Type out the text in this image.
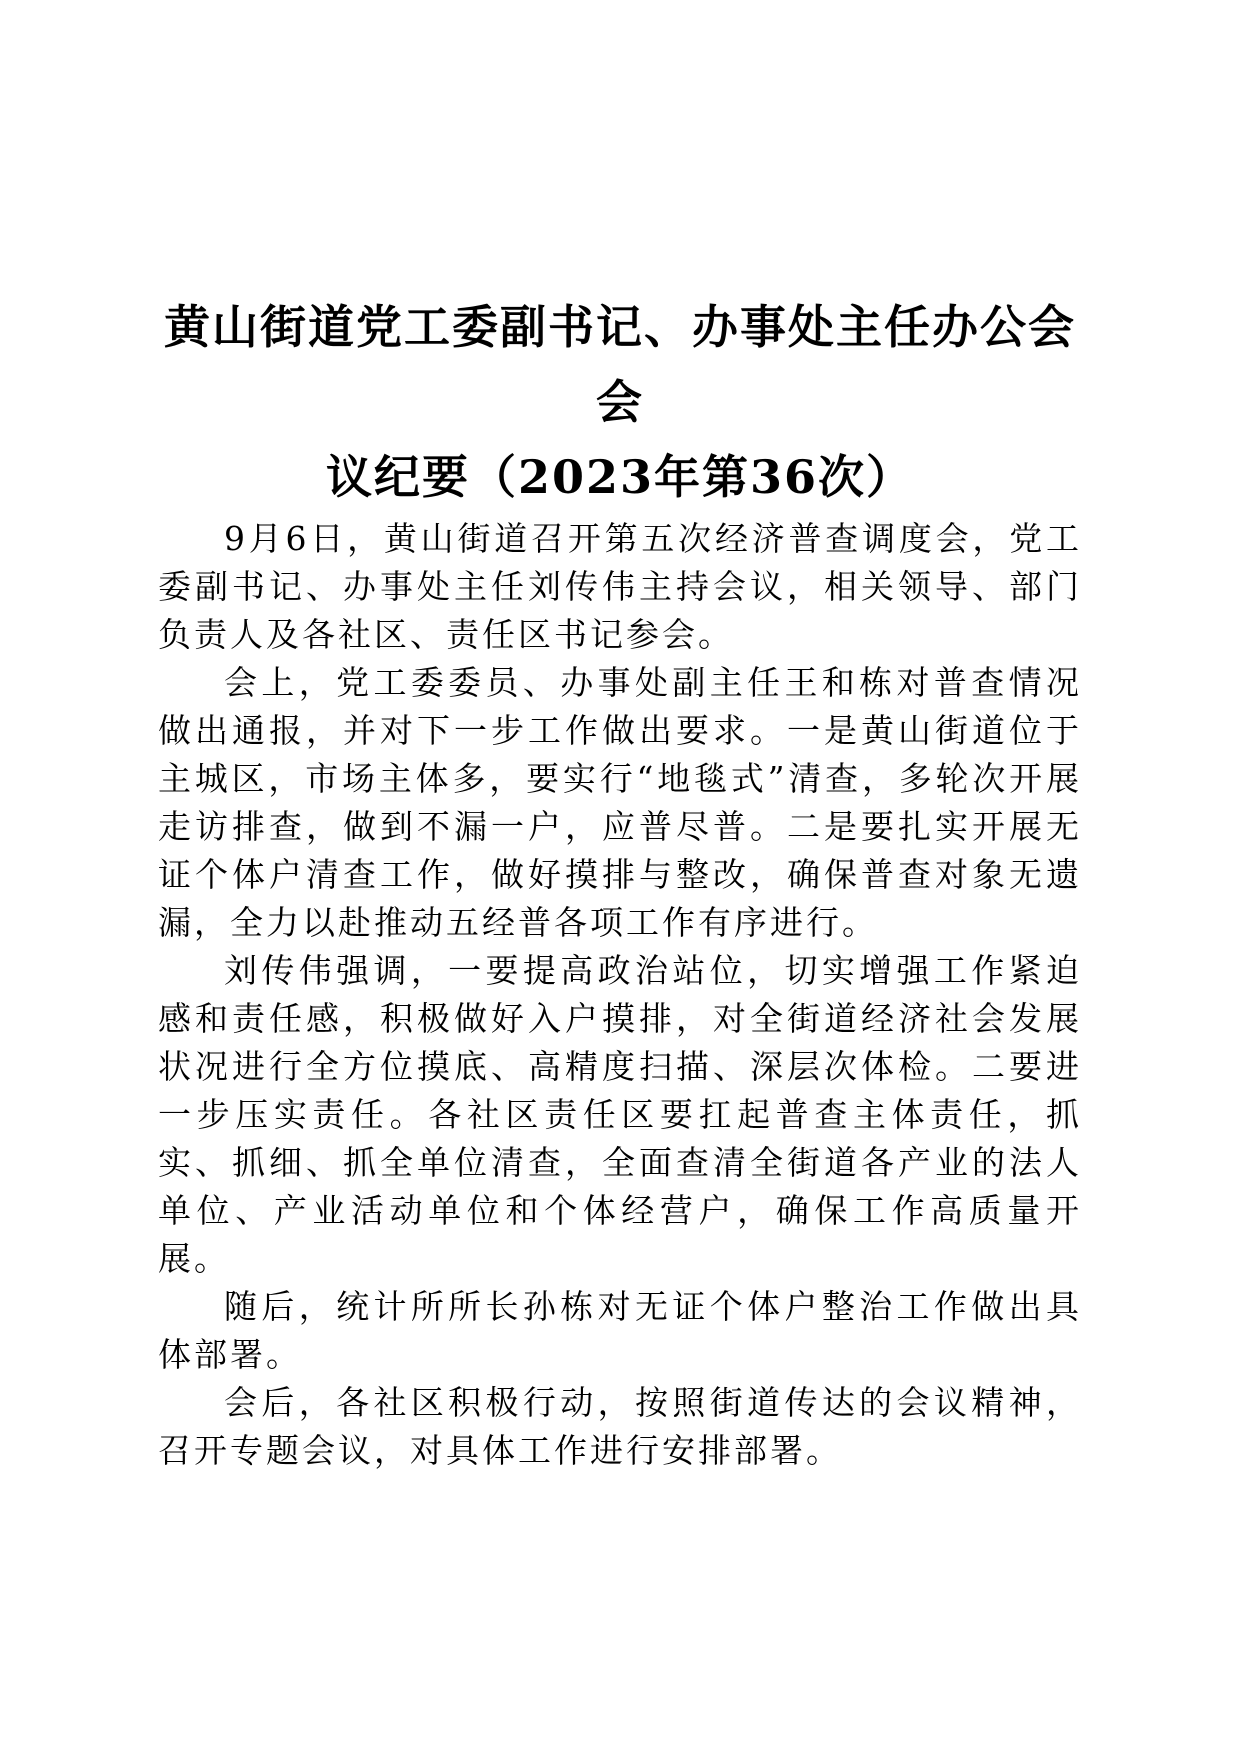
黄山街道党工委副书记、办事处主任办公会会
议纪要（2023年第36次）

9月6日，黄山街道召开第五次经济普查调度会，党工委副书记、办事处主任刘传伟主持会议，相关领导、部门负责人及各社区、责任区书记参会。

会上，党工委委员、办事处副主任王和栋对普查情况做出通报，并对下一步工作做出要求。一是黄山街道位于主城区，市场主体多，要实行“地毯式”清查，多轮次开展走访排查，做到不漏一户，应普尽普。二是要扎实开展无证个体户清查工作，做好摸排与整改，确保普查对象无遗漏，全力以赴推动五经普各项工作有序进行。

刘传伟强调，一要提高政治站位，切实增强工作紧迫感和责任感，积极做好入户摸排，对全街道经济社会发展状况进行全方位摸底、高精度扫描、深层次体检。二要进一步压实责任。各社区责任区要扛起普查主体责任，抓实、抓细、抓全单位清查，全面查清全街道各产业的法人单位、产业活动单位和个体经营户，确保工作高质量开展。

随后，统计所所长孙栋对无证个体户整治工作做出具体部署。

会后，各社区积极行动，按照街道传达的会议精神，召开专题会议，对具体工作进行安排部署。
